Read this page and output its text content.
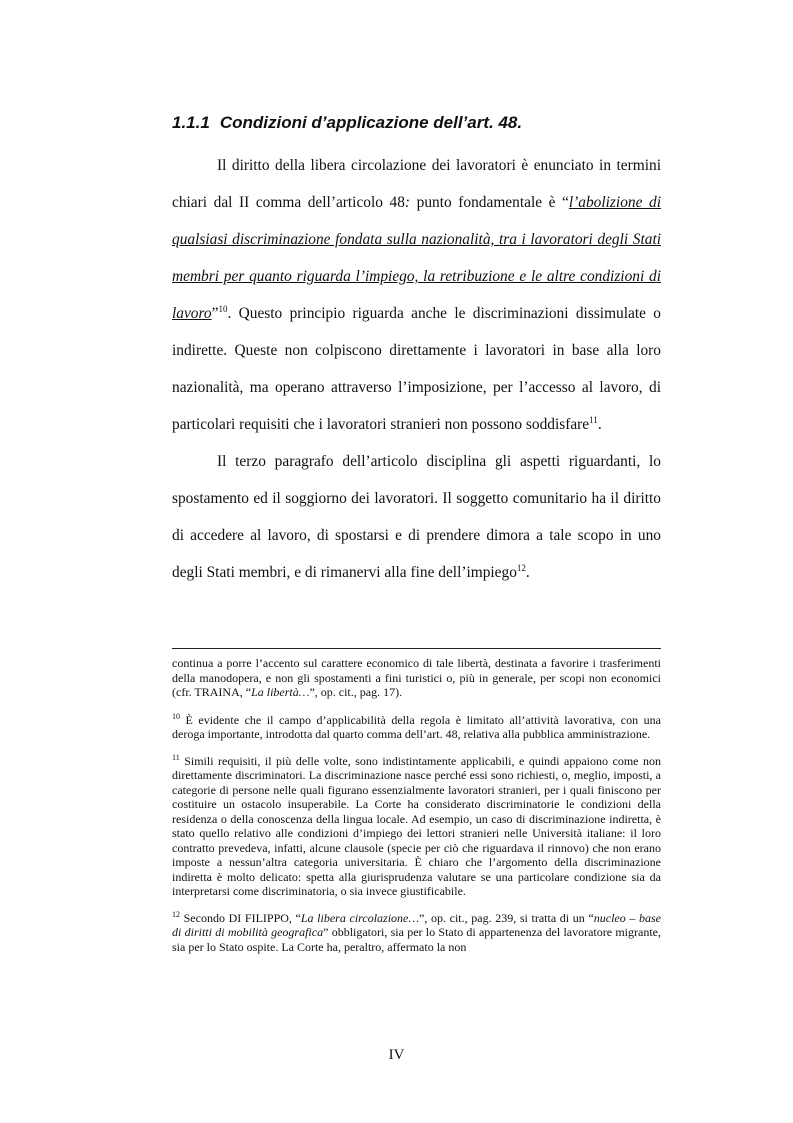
1.1.1 Condizioni d’applicazione dell’art. 48.

Il diritto della libera circolazione dei lavoratori è enunciato in termini chiari dal II comma dell’articolo 48: punto fondamentale è “l’abolizione di qualsiasi discriminazione fondata sulla nazionalità, tra i lavoratori degli Stati membri per quanto riguarda l’impiego, la retribuzione e le altre condizioni di lavoro”$^{10}$. Questo principio riguarda anche le discriminazioni dissimulate o indirette. Queste non colpiscono direttamente i lavoratori in base alla loro nazionalità, ma operano attraverso l’imposizione, per l’accesso al lavoro, di particolari requisiti che i lavoratori stranieri non possono soddisfare$^{11}$.

Il terzo paragrafo dell’articolo disciplina gli aspetti riguardanti, lo spostamento ed il soggiorno dei lavoratori. Il soggetto comunitario ha il diritto di accedere al lavoro, di spostarsi e di prendere dimora a tale scopo in uno degli Stati membri, e di rimanervi alla fine dell’impiego$^{12}$.

continua a porre l’accento sul carattere economico di tale libertà, destinata a favorire i trasferimenti della manodopera, e non gli spostamenti a fini turistici o, più in generale, per scopi non economici (cfr. TRAINA, “La libertà…”, op. cit., pag. 17).

$^{10}$ È evidente che il campo d’applicabilità della regola è limitato all’attività lavorativa, con una deroga importante, introdotta dal quarto comma dell’art. 48, relativa alla pubblica amministrazione.

$^{11}$ Simili requisiti, il più delle volte, sono indistintamente applicabili, e quindi appaiono come non direttamente discriminatori. La discriminazione nasce perché essi sono richiesti, o, meglio, imposti, a categorie di persone nelle quali figurano essenzialmente lavoratori stranieri, per i quali finiscono per costituire un ostacolo insuperabile. La Corte ha considerato discriminatorie le condizioni della residenza o della conoscenza della lingua locale. Ad esempio, un caso di discriminazione indiretta, è stato quello relativo alle condizioni d’impiego dei lettori stranieri nelle Università italiane: il loro contratto prevedeva, infatti, alcune clausole (specie per ciò che riguardava il rinnovo) che non erano imposte a nessun’altra categoria universitaria. È chiaro che l’argomento della discriminazione indiretta è molto delicato: spetta alla giurisprudenza valutare se una particolare condizione sia da interpretarsi come discriminatoria, o sia invece giustificabile.

$^{12}$ Secondo DI FILIPPO, “La libera circolazione…”, op. cit., pag. 239, si tratta di un “nucleo – base di diritti di mobilità geografica” obbligatori, sia per lo Stato di appartenenza del lavoratore migrante, sia per lo Stato ospite. La Corte ha, peraltro, affermato la non

IV
